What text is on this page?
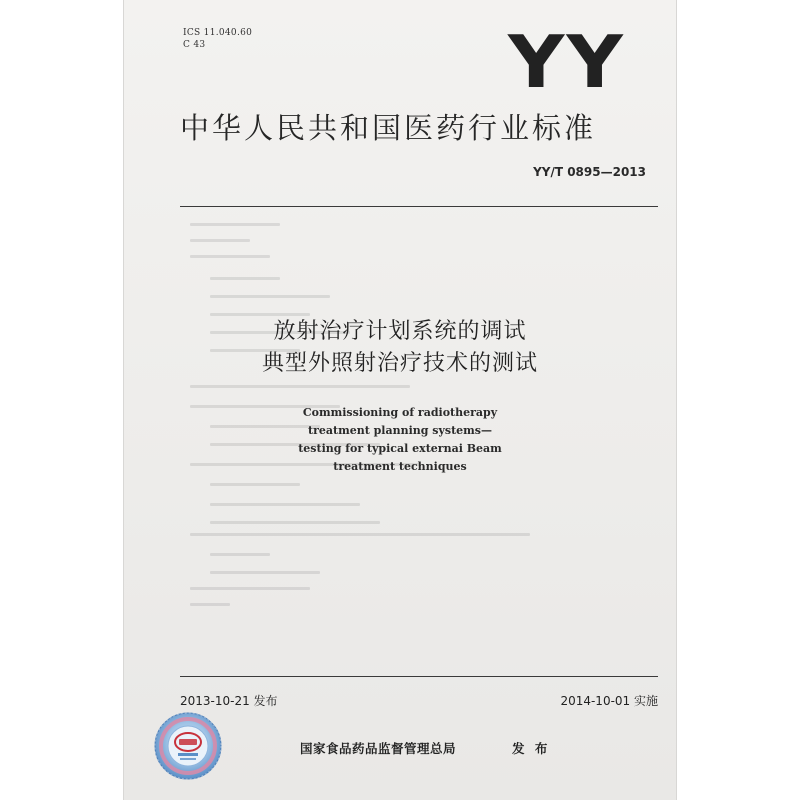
ICS 11.040.60
C 43	YY
中华人民共和国医药行业标准
YY/T 0895—2013
放射治疗计划系统的调试
典型外照射治疗技术的测试
Commissioning of radiotherapy
treatment planning systems—
testing for typical externai Beam
treatment techniques
2013-10-21 发布	2014-10-01 实施
国家食品药品监督管理总局	发 布
